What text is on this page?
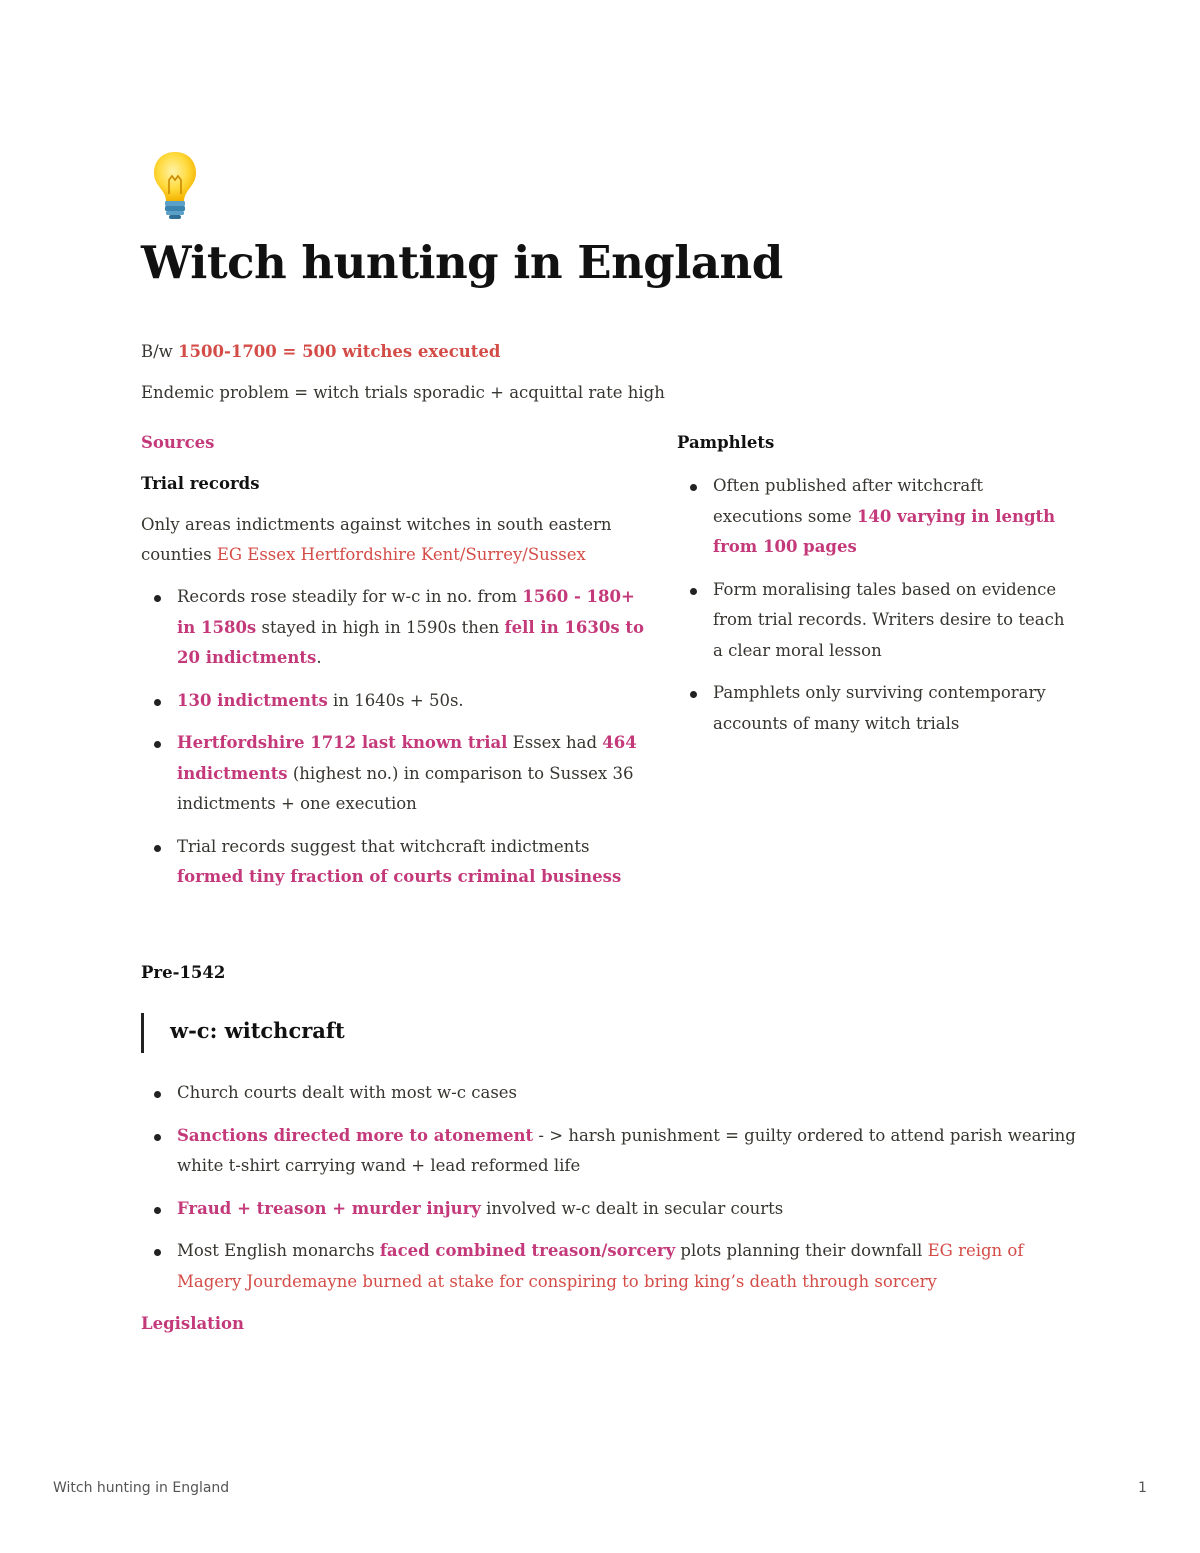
Witch hunting in England
B/w 1500-1700 = 500 witches executed
Endemic problem = witch trials sporadic + acquittal rate high
Sources
Trial records
Only areas indictments against witches in south eastern
counties EG Essex Hertfordshire Kent/Surrey/Sussex
Records rose steadily for w-c in no. from 1560 - 180+
in 1580s stayed in high in 1590s then fell in 1630s to
20 indictments.
130 indictments in 1640s + 50s.
Hertfordshire 1712 last known trial Essex had 464
indictments (highest no.) in comparison to Sussex 36
indictments + one execution
Trial records suggest that witchcraft indictments
formed tiny fraction of courts criminal business
Pamphlets
Often published after witchcraft
executions some 140 varying in length
from 100 pages
Form moralising tales based on evidence
from trial records. Writers desire to teach
a clear moral lesson
Pamphlets only surviving contemporary
accounts of many witch trials
Pre-1542
w-c: witchcraft
Church courts dealt with most w-c cases
Sanctions directed more to atonement - > harsh punishment = guilty ordered to attend parish wearing
white t-shirt carrying wand + lead reformed life
Fraud + treason + murder injury involved w-c dealt in secular courts
Most English monarchs faced combined treason/sorcery plots planning their downfall EG reign of
Magery Jourdemayne burned at stake for conspiring to bring king’s death through sorcery
Legislation
Witch hunting in England	1
